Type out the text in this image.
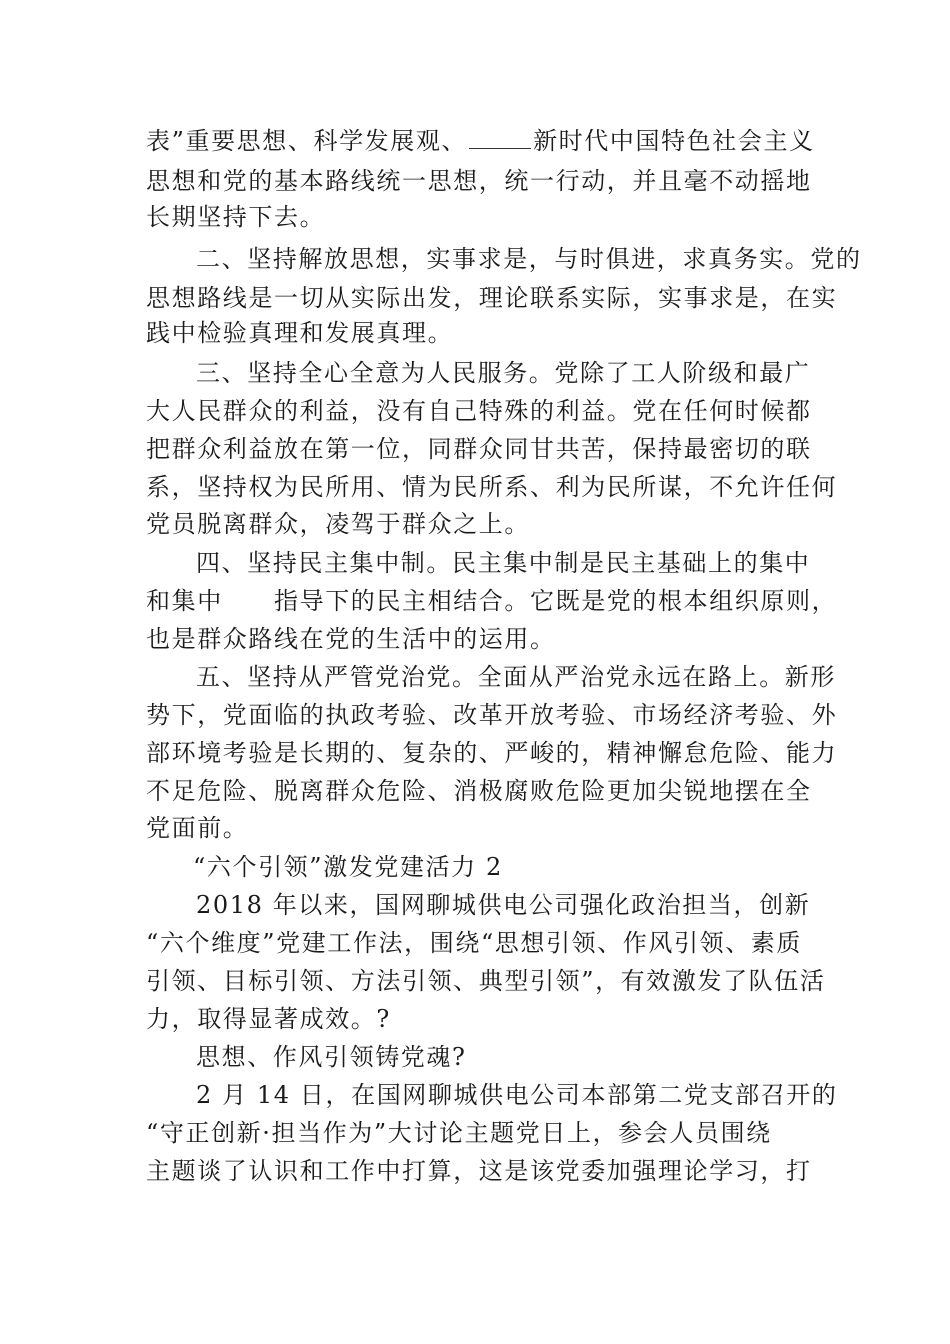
表”重要思想、科学发展观、	新时代中国特色社会主义
思想和党的基本路线统一思想，统一行动，并且毫不动摇地
长期坚持下去。
二、坚持解放思想，实事求是，与时俱进，求真务实。党的
思想路线是一切从实际出发，理论联系实际，实事求是，在实
践中检验真理和发展真理。
三、坚持全心全意为人民服务。党除了工人阶级和最广
大人民群众的利益，没有自己特殊的利益。党在任何时候都
把群众利益放在第一位，同群众同甘共苦，保持最密切的联
系，坚持权为民所用、情为民所系、利为民所谋，不允许任何
党员脱离群众，凌驾于群众之上。
四、坚持民主集中制。民主集中制是民主基础上的集中
和集中　　指导下的民主相结合。它既是党的根本组织原则，
也是群众路线在党的生活中的运用。
五、坚持从严管党治党。全面从严治党永远在路上。新形
势下，党面临的执政考验、改革开放考验、市场经济考验、外
部环境考验是长期的、复杂的、严峻的，精神懈怠危险、能力
不足危险、脱离群众危险、消极腐败危险更加尖锐地摆在全
党面前。
“六个引领”激发党建活力 2
2018 年以来，国网聊城供电公司强化政治担当，创新
“六个维度”党建工作法，围绕“思想引领、作风引领、素质
引领、目标引领、方法引领、典型引领”，有效激发了队伍活
力，取得显著成效。?
思想、作风引领铸党魂?
2 月 14 日，在国网聊城供电公司本部第二党支部召开的
“守正创新·担当作为”大讨论主题党日上，参会人员围绕
主题谈了认识和工作中打算，这是该党委加强理论学习，打
